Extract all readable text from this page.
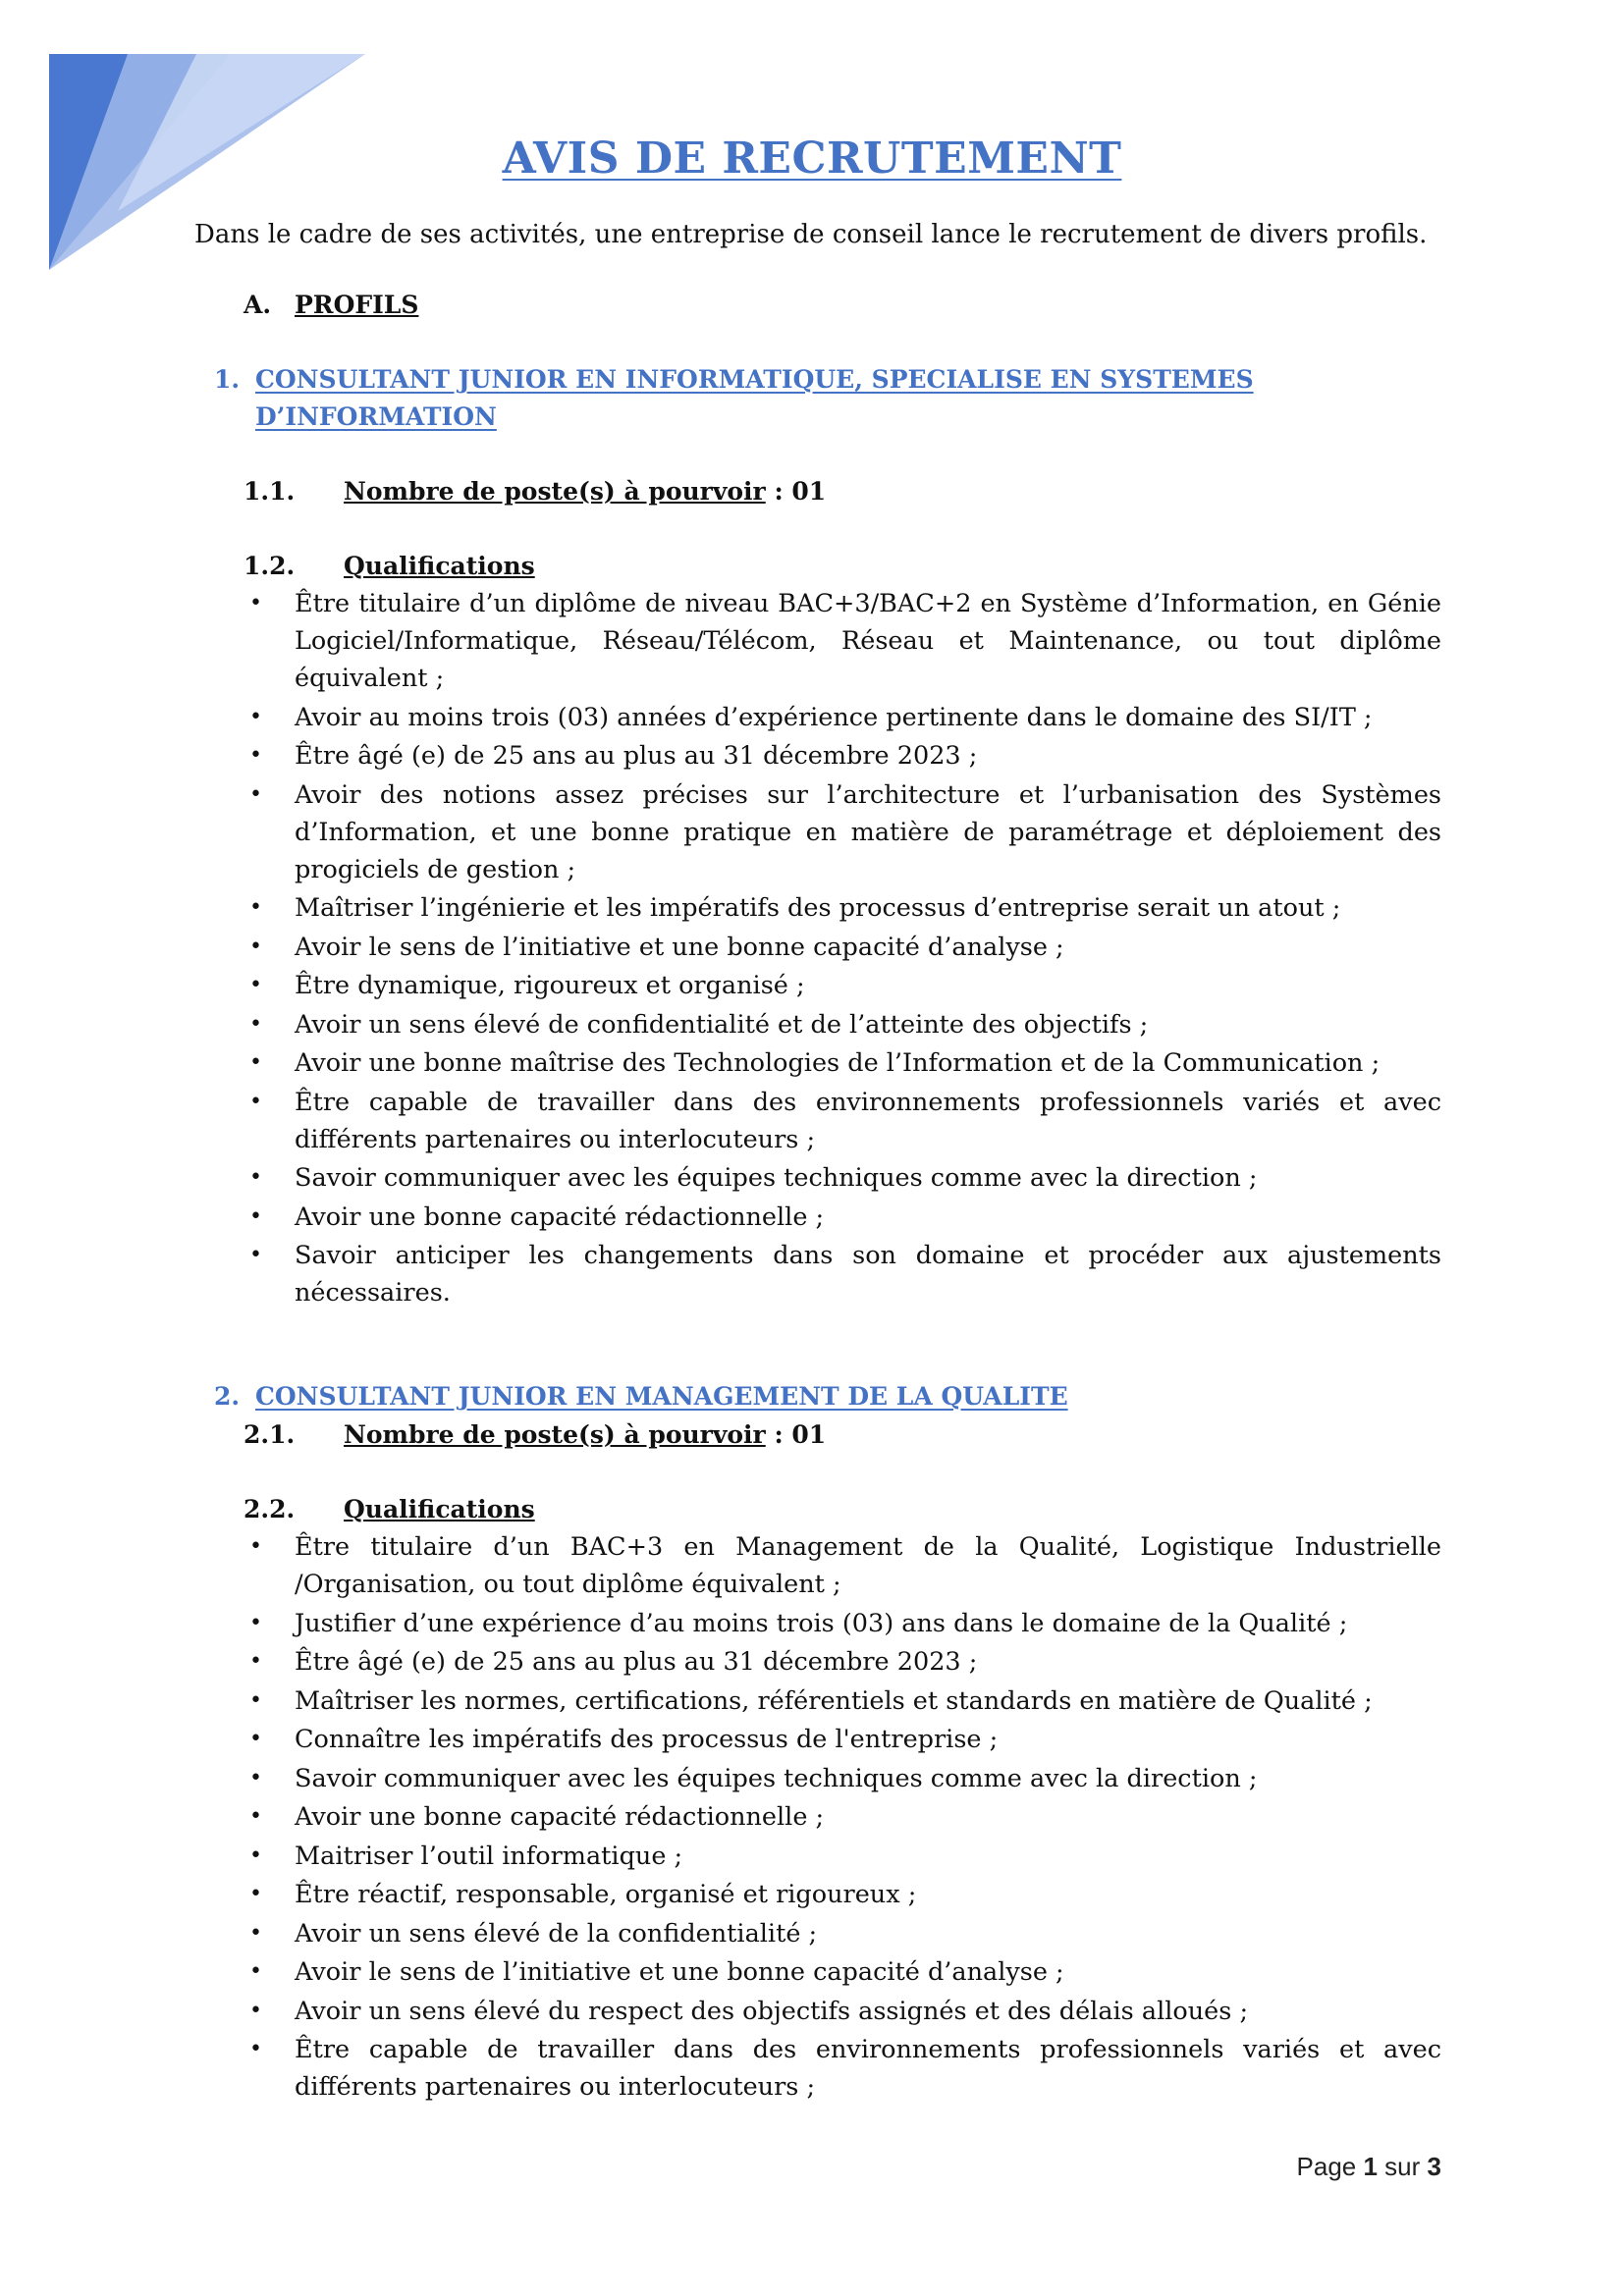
AVIS DE RECRUTEMENT

Dans le cadre de ses activités, une entreprise de conseil lance le recrutement de divers profils.

A. PROFILS

1. CONSULTANT JUNIOR EN INFORMATIQUE, SPECIALISE EN SYSTEMES D’INFORMATION

1.1. Nombre de poste(s) à pourvoir : 01

1.2. Qualifications

• Être titulaire d’un diplôme de niveau BAC+3/BAC+2 en Système d’Information, en Génie Logiciel/Informatique, Réseau/Télécom, Réseau et Maintenance, ou tout diplôme équivalent ;
• Avoir au moins trois (03) années d’expérience pertinente dans le domaine des SI/IT ;
• Être âgé (e) de 25 ans au plus au 31 décembre 2023 ;
• Avoir des notions assez précises sur l’architecture et l’urbanisation des Systèmes d’Information, et une bonne pratique en matière de paramétrage et déploiement des progiciels de gestion ;
• Maîtriser l’ingénierie et les impératifs des processus d’entreprise serait un atout ;
• Avoir le sens de l’initiative et une bonne capacité d’analyse ;
• Être dynamique, rigoureux et organisé ;
• Avoir un sens élevé de confidentialité et de l’atteinte des objectifs ;
• Avoir une bonne maîtrise des Technologies de l’Information et de la Communication ;
• Être capable de travailler dans des environnements professionnels variés et avec différents partenaires ou interlocuteurs ;
• Savoir communiquer avec les équipes techniques comme avec la direction ;
• Avoir une bonne capacité rédactionnelle ;
• Savoir anticiper les changements dans son domaine et procéder aux ajustements nécessaires.
2. CONSULTANT JUNIOR EN MANAGEMENT DE LA QUALITE

2.1. Nombre de poste(s) à pourvoir : 01

2.2. Qualifications

• Être titulaire d’un BAC+3 en Management de la Qualité, Logistique Industrielle /Organisation, ou tout diplôme équivalent ;
• Justifier d’une expérience d’au moins trois (03) ans dans le domaine de la Qualité ;
• Être âgé (e) de 25 ans au plus au 31 décembre 2023 ;
• Maîtriser les normes, certifications, référentiels et standards en matière de Qualité ;
• Connaître les impératifs des processus de l'entreprise ;
• Savoir communiquer avec les équipes techniques comme avec la direction ;
• Avoir une bonne capacité rédactionnelle ;
• Maitriser l’outil informatique ;
• Être réactif, responsable, organisé et rigoureux ;
• Avoir un sens élevé de la confidentialité ;
• Avoir le sens de l’initiative et une bonne capacité d’analyse ;
• Avoir un sens élevé du respect des objectifs assignés et des délais alloués ;
• Être capable de travailler dans des environnements professionnels variés et avec différents partenaires ou interlocuteurs ;

Page 1 sur 3
